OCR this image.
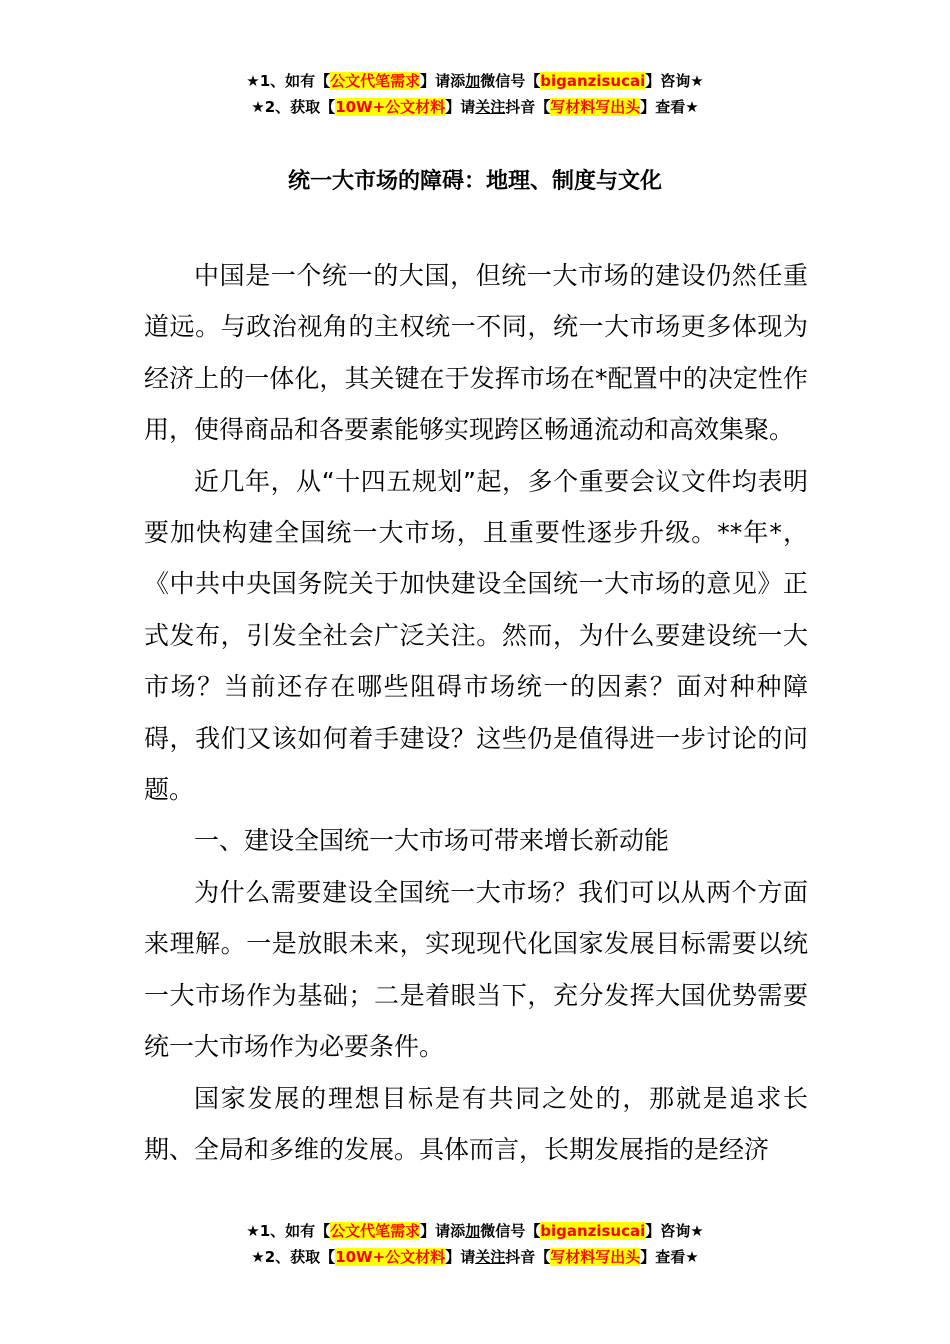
★1、如有【公文代笔需求】请添加微信号【biganzisucai】咨询★
★2、获取【10W+公文材料】请关注抖音【写材料写出头】查看★
统一大市场的障碍：地理、制度与文化

中国是一个统一的大国，但统一大市场的建设仍然任重道远。与政治视角的主权统一不同，统一大市场更多体现为经济上的一体化，其关键在于发挥市场在*配置中的决定性作用，使得商品和各要素能够实现跨区畅通流动和高效集聚。

近几年，从“十四五规划”起，多个重要会议文件均表明要加快构建全国统一大市场，且重要性逐步升级。**年*，《中共中央国务院关于加快建设全国统一大市场的意见》正式发布，引发全社会广泛关注。然而，为什么要建设统一大市场？当前还存在哪些阻碍市场统一的因素？面对种种障碍，我们又该如何着手建设？这些仍是值得进一步讨论的问题。

一、建设全国统一大市场可带来增长新动能

为什么需要建设全国统一大市场？我们可以从两个方面来理解。一是放眼未来，实现现代化国家发展目标需要以统一大市场作为基础；二是着眼当下，充分发挥大国优势需要统一大市场作为必要条件。

国家发展的理想目标是有共同之处的，那就是追求长期、全局和多维的发展。具体而言，长期发展指的是经济

★1、如有【公文代笔需求】请添加微信号【biganzisucai】咨询★
★2、获取【10W+公文材料】请关注抖音【写材料写出头】查看★
